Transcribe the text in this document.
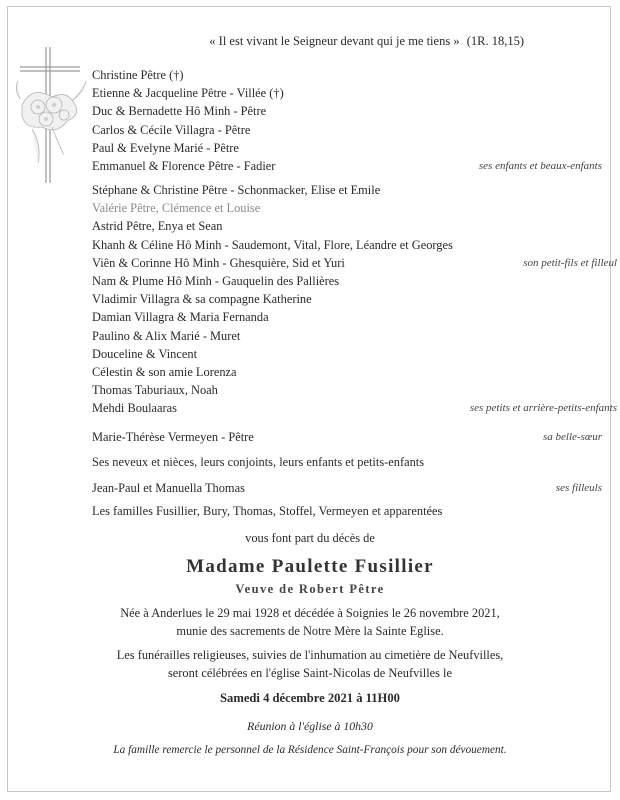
« Il est vivant le Seigneur devant qui je me tiens » (1R. 18,15)
Christine Pêtre (†)
Etienne & Jacqueline Pêtre - Villée (†)
Duc & Bernadette Hô Minh - Pêtre
Carlos & Cécile Villagra - Pêtre
Paul & Evelyne Marié - Pêtre
Emmanuel & Florence Pêtre - Fadier	ses enfants et beaux-enfants
Stéphane & Christine Pêtre - Schonmacker, Elise et Emile
Valérie Pêtre, Clémence et Louise
Astrid Pêtre, Enya et Sean
Khanh & Céline Hô Minh - Saudemont, Vital, Flore, Léandre et Georges
Viên & Corinne Hô Minh - Ghesquière, Sid et Yuri	son petit-fils et filleul
Nam & Plume Hô Minh - Gauquelin des Pallières
Vladimir Villagra & sa compagne Katherine
Damian Villagra & Maria Fernanda
Paulino & Alix Marié - Muret
Douceline & Vincent
Célestin & son amie Lorenza
Thomas Taburiaux, Noah
Mehdi Boulaaras	ses petits et arrière-petits-enfants
Marie-Thérèse Vermeyen - Pêtre	sa belle-sœur
Ses neveux et nièces, leurs conjoints, leurs enfants et petits-enfants
Jean-Paul et Manuella Thomas	ses filleuls
Les familles Fusillier, Bury, Thomas, Stoffel, Vermeyen et apparentées
vous font part du décès de
Madame Paulette Fusillier
Veuve de Robert Pêtre
Née à Anderlues le 29 mai 1928 et décédée à Soignies le 26 novembre 2021,
munie des sacrements de Notre Mère la Sainte Eglise.
Les funérailles religieuses, suivies de l'inhumation au cimetière de Neufvilles,
seront célébrées en l'église Saint-Nicolas de Neufvilles le
Samedi 4 décembre 2021 à 11H00
Réunion à l'église à 10h30
La famille remercie le personnel de la Résidence Saint-François pour son dévouement.
